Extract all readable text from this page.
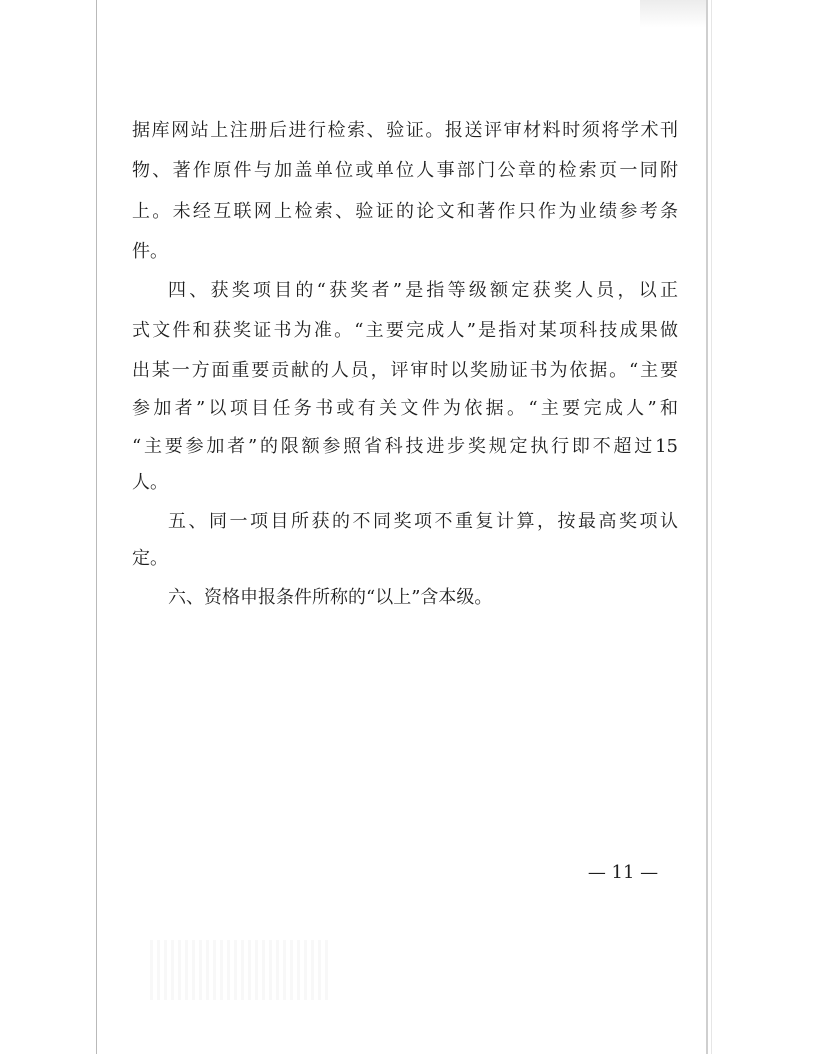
据库网站上注册后进行检索、验证。报送评审材料时须将学术刊
物、著作原件与加盖单位或单位人事部门公章的检索页一同附
上。未经互联网上检索、验证的论文和著作只作为业绩参考条
件。
四、获奖项目的“获奖者”是指等级额定获奖人员，以正
式文件和获奖证书为准。“主要完成人”是指对某项科技成果做
出某一方面重要贡献的人员，评审时以奖励证书为依据。“主要
参加者”以项目任务书或有关文件为依据。“主要完成人”和
“主要参加者”的限额参照省科技进步奖规定执行即不超过15
人。
五、同一项目所获的不同奖项不重复计算，按最高奖项认
定。
六、资格申报条件所称的“以上”含本级。
— 11 —
